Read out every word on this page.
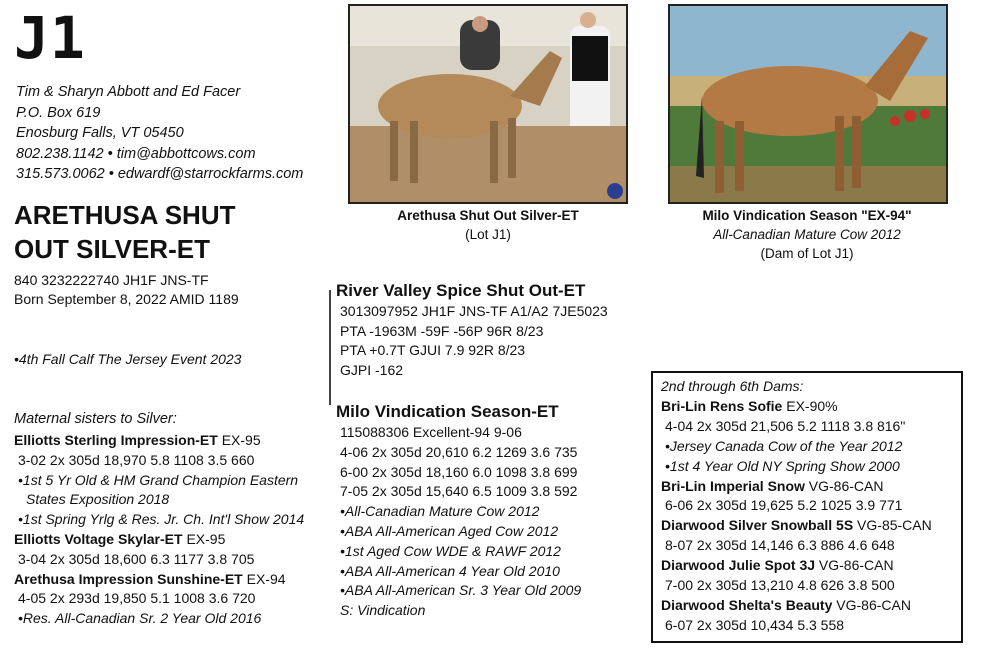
J1
Tim & Sharyn Abbott and Ed Facer
P.O. Box 619
Enosburg Falls, VT 05450
802.238.1142 • tim@abbottcows.com
315.573.0062 • edwardf@starrockfarms.com
ARETHUSA SHUT
OUT SILVER-ET
840 3232222740 JH1F JNS-TF
Born September 8, 2022 AMID 1189
•4th Fall Calf The Jersey Event 2023
Maternal sisters to Silver:
Elliotts Sterling Impression-ET EX-95
3-02 2x 305d 18,970 5.8 1108 3.5 660
•1st 5 Yr Old & HM Grand Champion Eastern
States Exposition 2018
•1st Spring Yrlg & Res. Jr. Ch. Int'l Show 2014
Elliotts Voltage Skylar-ET EX-95
3-04 2x 305d 18,600 6.3 1177 3.8 705
Arethusa Impression Sunshine-ET EX-94
4-05 2x 293d 19,850 5.1 1008 3.6 720
•Res. All-Canadian Sr. 2 Year Old 2016
Arethusa Shut Out Silver-ET
(Lot J1)
Milo Vindication Season "EX-94"
All-Canadian Mature Cow 2012
(Dam of Lot J1)
River Valley Spice Shut Out-ET
3013097952 JH1F JNS-TF A1/A2 7JE5023
PTA -1963M -59F -56P 96R 8/23
PTA +0.7T GJUI 7.9 92R 8/23
GJPI -162
Milo Vindication Season-ET
115088306 Excellent-94 9-06
4-06 2x 305d 20,610 6.2 1269 3.6 735
6-00 2x 305d 18,160 6.0 1098 3.8 699
7-05 2x 305d 15,640 6.5 1009 3.8 592
•All-Canadian Mature Cow 2012
•ABA All-American Aged Cow 2012
•1st Aged Cow WDE & RAWF 2012
•ABA All-American 4 Year Old 2010
•ABA All-American Sr. 3 Year Old 2009
S: Vindication
2nd through 6th Dams:
Bri-Lin Rens Sofie EX-90%
4-04 2x 305d 21,506 5.2 1118 3.8 816"
•Jersey Canada Cow of the Year 2012
•1st 4 Year Old NY Spring Show 2000
Bri-Lin Imperial Snow VG-86-CAN
6-06 2x 305d 19,625 5.2 1025 3.9 771
Diarwood Silver Snowball 5S VG-85-CAN
8-07 2x 305d 14,146 6.3 886 4.6 648
Diarwood Julie Spot 3J VG-86-CAN
7-00 2x 305d 13,210 4.8 626 3.8 500
Diarwood Shelta's Beauty VG-86-CAN
6-07 2x 305d 10,434 5.3 558
